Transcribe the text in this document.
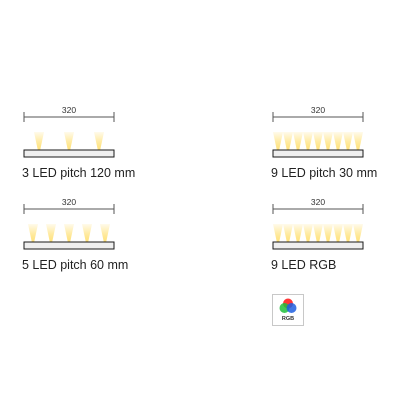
320
3 LED pitch 120 mm
320
9 LED pitch 30 mm
320
5 LED pitch 60 mm
320
9 LED RGB
RGB
